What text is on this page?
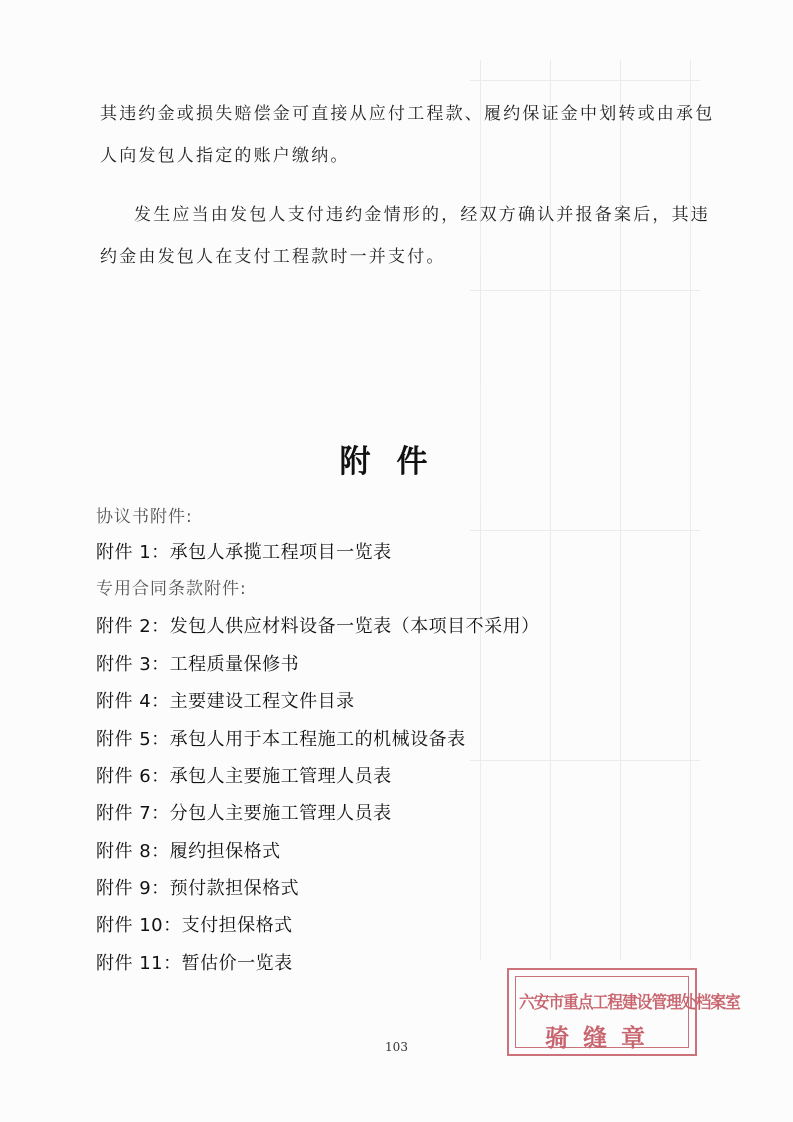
其违约金或损失赔偿金可直接从应付工程款、履约保证金中划转或由承包
人向发包人指定的账户缴纳。
发生应当由发包人支付违约金情形的，经双方确认并报备案后，其违
约金由发包人在支付工程款时一并支付。
附件
协议书附件:
专用合同条款附件:
附件 1：承包人承揽工程项目一览表
附件 2：发包人供应材料设备一览表（本项目不采用）
附件 3：工程质量保修书
附件 4：主要建设工程文件目录
附件 5：承包人用于本工程施工的机械设备表
附件 6：承包人主要施工管理人员表
附件 7：分包人主要施工管理人员表
附件 8：履约担保格式
附件 9：预付款担保格式
附件 10：支付担保格式
附件 11：暂估价一览表
六安市重点工程建设管理处档案室
骑缝章
103
